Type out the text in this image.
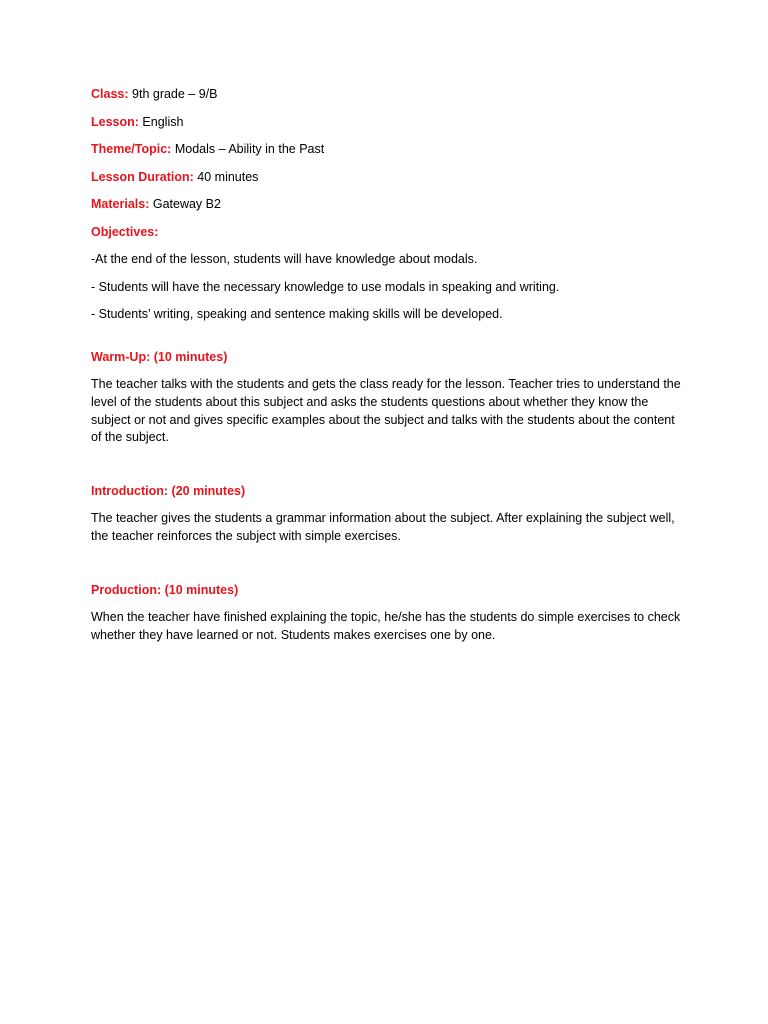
Class: 9th grade – 9/B

Lesson: English

Theme/Topic: Modals – Ability in the Past

Lesson Duration: 40 minutes

Materials: Gateway B2

Objectives:

-At the end of the lesson, students will have knowledge about modals.

- Students will have the necessary knowledge to use modals in speaking and writing.

- Students’ writing, speaking and sentence making skills will be developed.

Warm-Up: (10 minutes)

The teacher talks with the students and gets the class ready for the lesson. Teacher tries to understand the level of the students about this subject and asks the students questions about whether they know the subject or not and gives specific examples about the subject and talks with the students about the content of the subject.

Introduction: (20 minutes)

The teacher gives the students a grammar information about the subject. After explaining the subject well, the teacher reinforces the subject with simple exercises.

Production: (10 minutes)

When the teacher have finished explaining the topic, he/she has the students do simple exercises to check whether they have learned or not. Students makes exercises one by one.
